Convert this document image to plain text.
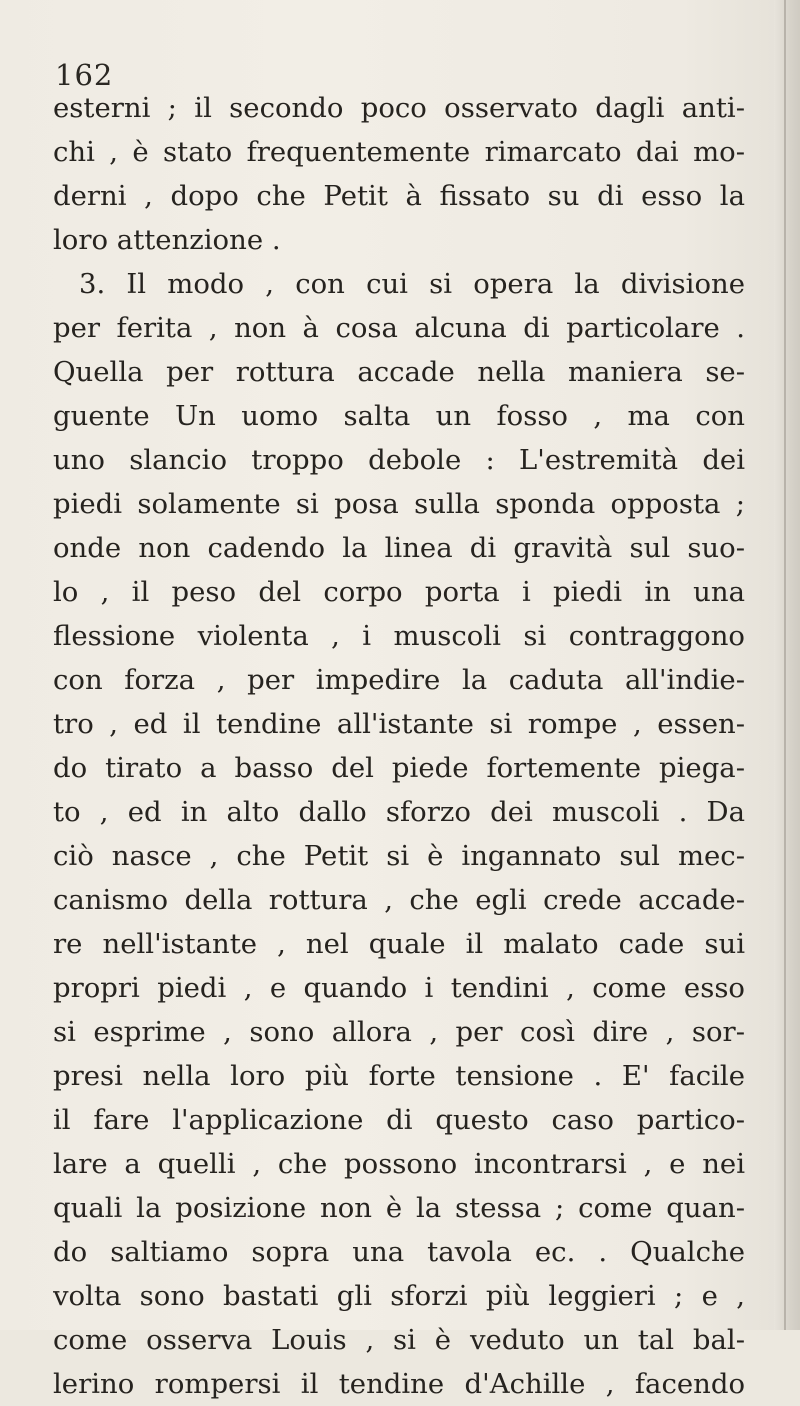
162
esterni ; il secondo poco osservato dagli anti-
chi , è stato frequentemente rimarcato dai mo-
derni , dopo che Petit à fissato su di esso la
loro attenzione .
3. Il modo , con cui si opera la divisione
per ferita , non à cosa alcuna di particolare .
Quella per rottura accade nella maniera se-
guente Un uomo salta un fosso , ma con
uno slancio troppo debole : L'estremità dei
piedi solamente si posa sulla sponda opposta ;
onde non cadendo la linea di gravità sul suo-
lo , il peso del corpo porta i piedi in una
flessione violenta , i muscoli si contraggono
con forza , per impedire la caduta all'indie-
tro , ed il tendine all'istante si rompe , essen-
do tirato a basso del piede fortemente piega-
to , ed in alto dallo sforzo dei muscoli . Da
ciò nasce , che Petit si è ingannato sul mec-
canismo della rottura , che egli crede accade-
re nell'istante , nel quale il malato cade sui
propri piedi , e quando i tendini , come esso
si esprime , sono allora , per così dire , sor-
presi nella loro più forte tensione . E' facile
il fare l'applicazione di questo caso partico-
lare a quelli , che possono incontrarsi , e nei
quali la posizione non è la stessa ; come quan-
do saltiamo sopra una tavola ec. . Qualche
volta sono bastati gli sforzi più leggieri ; e ,
come osserva Louis , si è veduto un tal bal-
lerino rompersi il tendine d'Achille , facendo
